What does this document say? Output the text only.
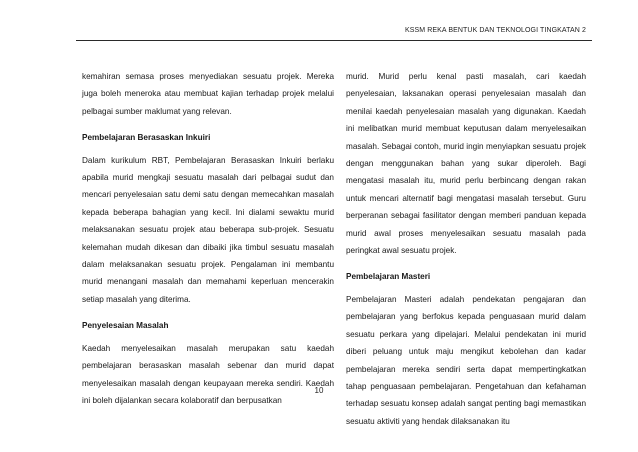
KSSM REKA BENTUK DAN TEKNOLOGI TINGKATAN 2

kemahiran semasa proses menyediakan sesuatu projek. Mereka juga boleh meneroka atau membuat kajian terhadap projek melalui pelbagai sumber maklumat yang relevan.

Pembelajaran Berasaskan Inkuiri

Dalam kurikulum RBT, Pembelajaran Berasaskan Inkuiri berlaku apabila murid mengkaji sesuatu masalah dari pelbagai sudut dan mencari penyelesaian satu demi satu dengan memecahkan masalah kepada beberapa bahagian yang kecil. Ini dialami sewaktu murid melaksanakan sesuatu projek atau beberapa sub-projek. Sesuatu kelemahan mudah dikesan dan dibaiki jika timbul sesuatu masalah dalam melaksanakan sesuatu projek. Pengalaman ini membantu murid menangani masalah dan memahami keperluan mencerakin setiap masalah yang diterima.

Penyelesaian Masalah

Kaedah menyelesaikan masalah merupakan satu kaedah pembelajaran berasaskan masalah sebenar dan murid dapat menyelesaikan masalah dengan keupayaan mereka sendiri. Kaedah ini boleh dijalankan secara kolaboratif dan berpusatkan

murid. Murid perlu kenal pasti masalah, cari kaedah penyelesaian, laksanakan operasi penyelesaian masalah dan menilai kaedah penyelesaian masalah yang digunakan. Kaedah ini melibatkan murid membuat keputusan dalam menyelesaikan masalah. Sebagai contoh, murid ingin menyiapkan sesuatu projek dengan menggunakan bahan yang sukar diperoleh. Bagi mengatasi masalah itu, murid perlu berbincang dengan rakan untuk mencari alternatif bagi mengatasi masalah tersebut. Guru berperanan sebagai fasilitator dengan memberi panduan kepada murid awal proses menyelesaikan sesuatu masalah pada peringkat awal sesuatu projek.

Pembelajaran Masteri

Pembelajaran Masteri adalah pendekatan pengajaran dan pembelajaran yang berfokus kepada penguasaan murid dalam sesuatu perkara yang dipelajari. Melalui pendekatan ini murid diberi peluang untuk maju mengikut kebolehan dan kadar pembelajaran mereka sendiri serta dapat mempertingkatkan tahap penguasaan pembelajaran. Pengetahuan dan kefahaman terhadap sesuatu konsep adalah sangat penting bagi memastikan sesuatu aktiviti yang hendak dilaksanakan itu

10
